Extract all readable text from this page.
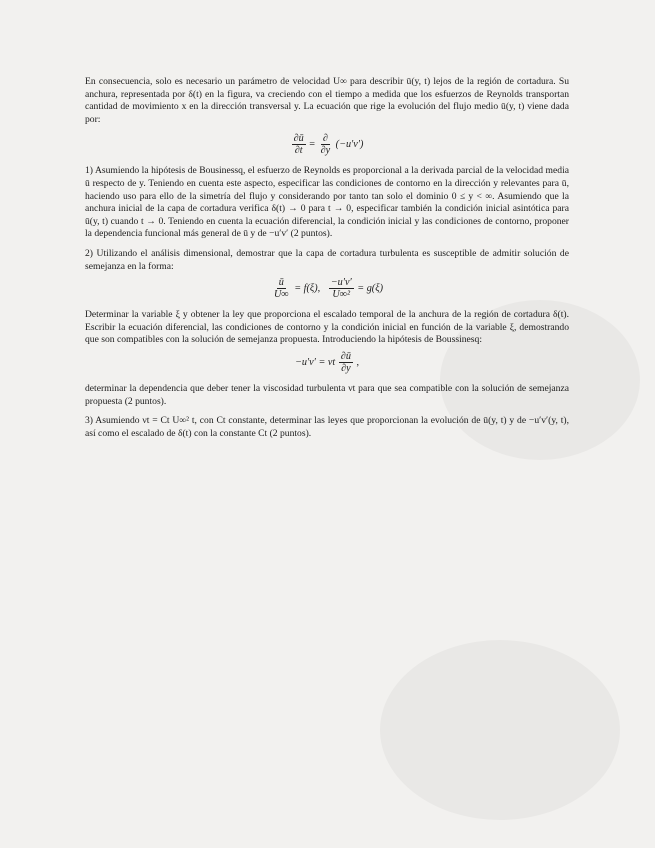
En consecuencia, solo es necesario un parámetro de velocidad U∞ para describir ū(y, t) lejos de la región de cortadura. Su anchura, representada por δ(t) en la figura, va creciendo con el tiempo a medida que los esfuerzos de Reynolds transportan cantidad de movimiento x en la dirección transversal y. La ecuación que rige la evolución del flujo medio ū(y, t) viene dada por:

$\frac{\partial ū}{\partial t} = \frac{\partial}{\partial y} (-u'v')$

1) Asumiendo la hipótesis de Bousinessq, el esfuerzo de Reynolds es proporcional a la derivada parcial de la velocidad media ū respecto de y. Teniendo en cuenta este aspecto, especificar las condiciones de contorno en la dirección y relevantes para ū, haciendo uso para ello de la simetría del flujo y considerando por tanto tan solo el dominio 0 ≤ y < ∞. Asumiendo que la anchura inicial de la capa de cortadura verifica δ(t) → 0 para t → 0, especificar también la condición inicial asintótica para ū(y, t) cuando t → 0. Teniendo en cuenta la ecuación diferencial, la condición inicial y las condiciones de contorno, proponer la dependencia funcional más general de ū y de −u′v′ (2 puntos).

2) Utilizando el análisis dimensional, demostrar que la capa de cortadura turbulenta es susceptible de admitir solución de semejanza en la forma:

$\frac{ū}{U\infty} = f(\xi)$, $\frac{-u'v'}{\text{U∞²}} = g(\xi)$

Determinar la variable ξ y obtener la ley que proporciona el escalado temporal de la anchura de la región de cortadura δ(t). Escribir la ecuación diferencial, las condiciones de contorno y la condición inicial en función de la variable ξ, demostrando que son compatibles con la solución de semejanza propuesta. Introduciendo la hipótesis de Boussinesq:

−u′v′ = νt $\frac{\partial ū}{\partial y}$ ,

determinar la dependencia que deber tener la viscosidad turbulenta νt para que sea compatible con la solución de semejanza propuesta (2 puntos).

3) Asumiendo νt = Ct U∞² t, con Ct constante, determinar las leyes que proporcionan la evolución de ū(y, t) y de −u′v′(y, t), así como el escalado de δ(t) con la constante Ct (2 puntos).
